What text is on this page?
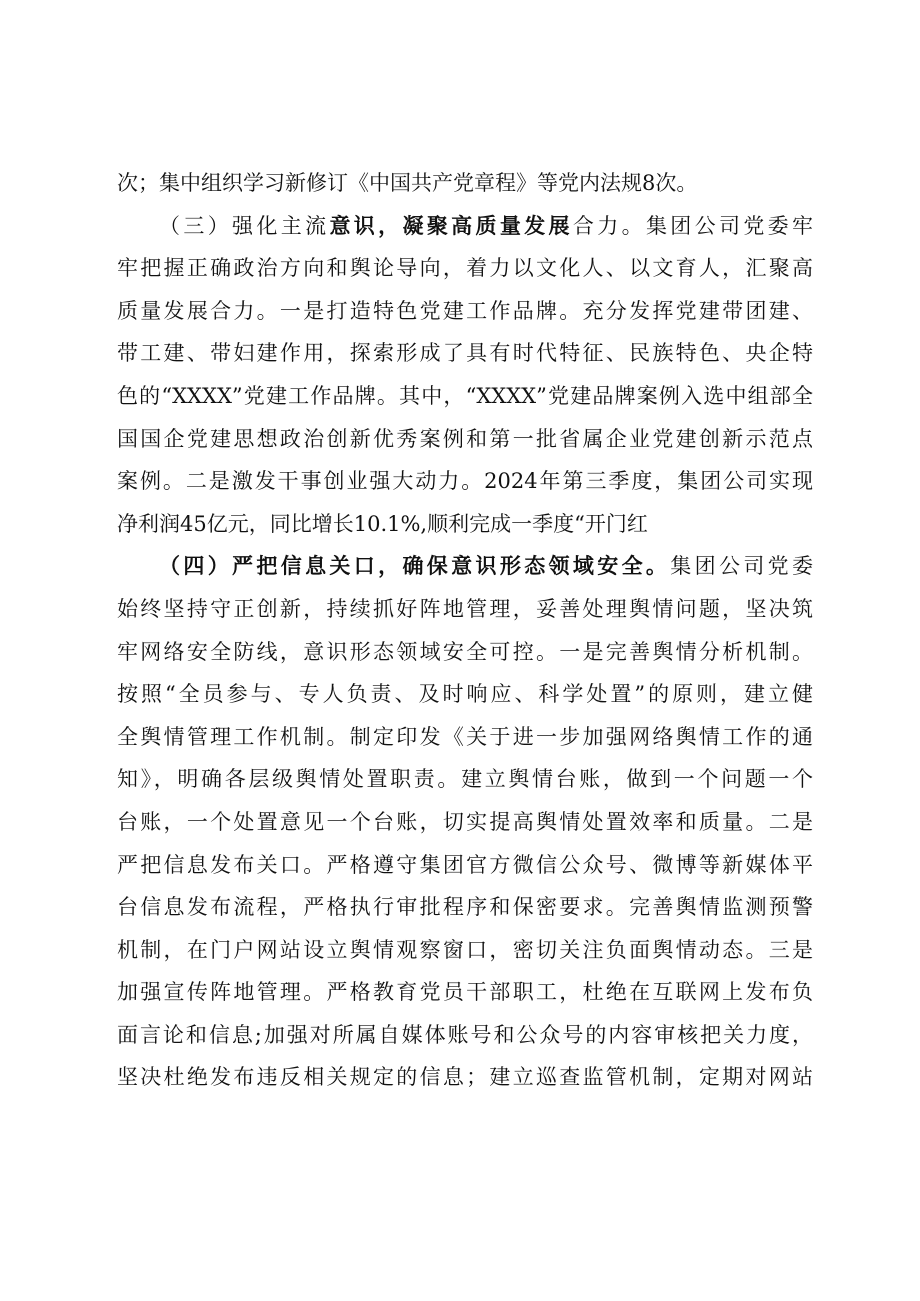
次；集中组织学习新修订《中国共产党章程》等党内法规8次。
（三）强化主流意识，凝聚高质量发展合力。集团公司党委牢
牢把握正确政治方向和舆论导向，着力以文化人、以文育人，汇聚高
质量发展合力。一是打造特色党建工作品牌。充分发挥党建带团建、
带工建、带妇建作用，探索形成了具有时代特征、民族特色、央企特
色的“XXXX”党建工作品牌。其中，“XXXX”党建品牌案例入选中组部全
国国企党建思想政治创新优秀案例和第一批省属企业党建创新示范点
案例。二是激发干事创业强大动力。2024年第三季度，集团公司实现
净利润45亿元，同比增长10.1%,顺利完成一季度“开门红
（四）严把信息关口，确保意识形态领域安全。集团公司党委
始终坚持守正创新，持续抓好阵地管理，妥善处理舆情问题，坚决筑
牢网络安全防线，意识形态领域安全可控。一是完善舆情分析机制。
按照“全员参与、专人负责、及时响应、科学处置”的原则，建立健
全舆情管理工作机制。制定印发《关于进一步加强网络舆情工作的通
知》，明确各层级舆情处置职责。建立舆情台账，做到一个问题一个
台账，一个处置意见一个台账，切实提高舆情处置效率和质量。二是
严把信息发布关口。严格遵守集团官方微信公众号、微博等新媒体平
台信息发布流程，严格执行审批程序和保密要求。完善舆情监测预警
机制，在门户网站设立舆情观察窗口，密切关注负面舆情动态。三是
加强宣传阵地管理。严格教育党员干部职工，杜绝在互联网上发布负
面言论和信息;加强对所属自媒体账号和公众号的内容审核把关力度，
坚决杜绝发布违反相关规定的信息；建立巡查监管机制，定期对网站
